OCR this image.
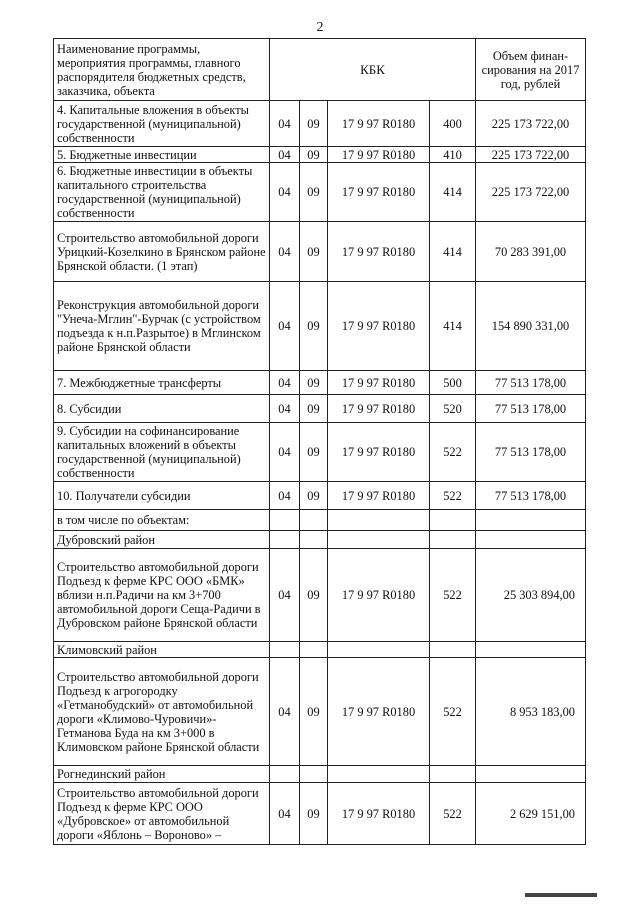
2
Наименование программы, мероприятия программы, главного распорядителя бюджетных средств, заказчика, объекта	КБК				Объем финан-сирования на 2017 год, рублей
4. Капитальные вложения в объекты государственной (муниципальной) собственности	04	09	17 9 97 R0180	400	225 173 722,00
5. Бюджетные инвестиции	04	09	17 9 97 R0180	410	225 173 722,00
6. Бюджетные инвестиции в объекты капитального строительства государственной (муниципальной) собственности	04	09	17 9 97 R0180	414	225 173 722,00
Строительство автомобильной дороги Урицкий-Козелкино в Брянском районе Брянской области. (1 этап)	04	09	17 9 97 R0180	414	70 283 391,00
Реконструкция автомобильной дороги "Унеча-Мглин"-Бурчак (с устройством подъезда к н.п.Разрытое) в Мглинском районе Брянской области	04	09	17 9 97 R0180	414	154 890 331,00
7. Межбюджетные трансферты	04	09	17 9 97 R0180	500	77 513 178,00
8. Субсидии	04	09	17 9 97 R0180	520	77 513 178,00
9. Субсидии на софинансирование капитальных вложений в объекты государственной (муниципальной) собственности	04	09	17 9 97 R0180	522	77 513 178,00
10. Получатели субсидии	04	09	17 9 97 R0180	522	77 513 178,00
в том числе по объектам:					
Дубровский район					
Строительство автомобильной дороги Подъезд к ферме КРС ООО «БМК» вблизи н.п.Радичи на км 3+700 автомобильной дороги Сеща-Радичи в Дубровском районе Брянской области	04	09	17 9 97 R0180	522	25 303 894,00
Климовский район					
Строительство автомобильной дороги Подъезд к агрогородку «Гетманобудский» от автомобильной дороги «Климово-Чуровичи»-Гетманова Буда на км 3+000 в Климовском районе Брянской области	04	09	17 9 97 R0180	522	8 953 183,00
Рогнединский район					
Строительство автомобильной дороги Подъезд к ферме КРС ООО «Дубровское» от автомобильной дороги «Яблонь – Вороново» –	04	09	17 9 97 R0180	522	2 629 151,00
